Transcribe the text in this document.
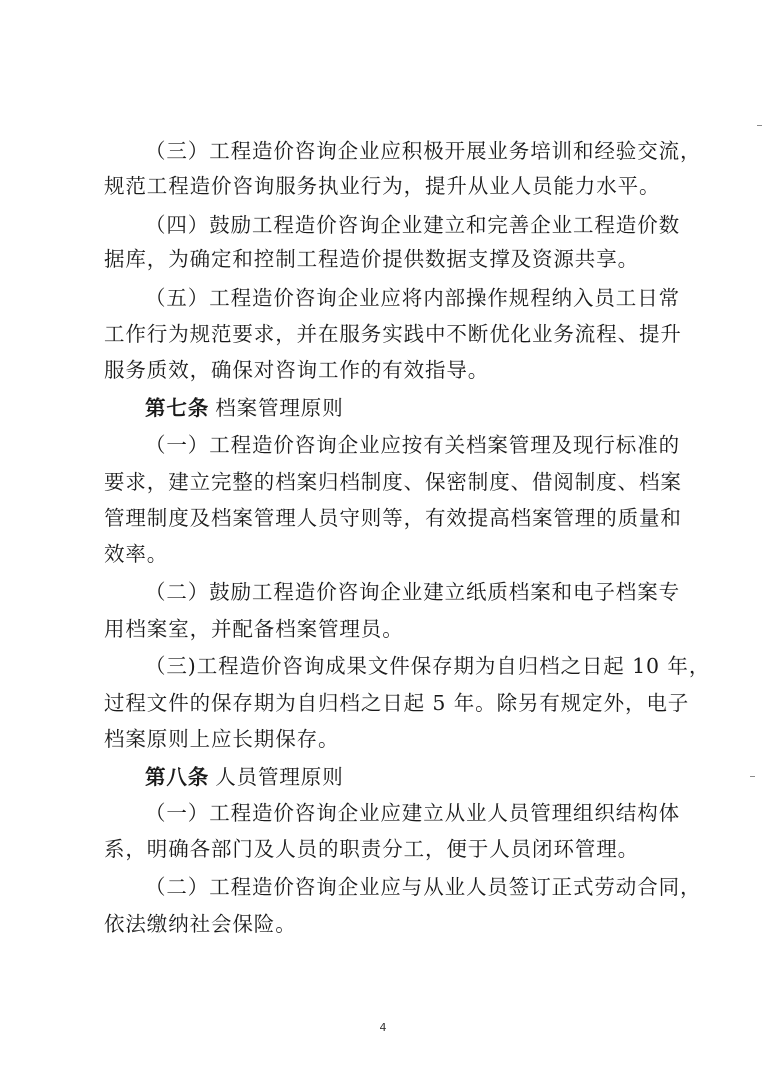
（三）工程造价咨询企业应积极开展业务培训和经验交流，

规范工程造价咨询服务执业行为，提升从业人员能力水平。

（四）鼓励工程造价咨询企业建立和完善企业工程造价数

据库，为确定和控制工程造价提供数据支撑及资源共享。

（五）工程造价咨询企业应将内部操作规程纳入员工日常

工作行为规范要求，并在服务实践中不断优化业务流程、提升

服务质效，确保对咨询工作的有效指导。

第七条 档案管理原则

（一）工程造价咨询企业应按有关档案管理及现行标准的

要求，建立完整的档案归档制度、保密制度、借阅制度、档案

管理制度及档案管理人员守则等，有效提高档案管理的质量和

效率。

（二）鼓励工程造价咨询企业建立纸质档案和电子档案专

用档案室，并配备档案管理员。

（三)工程造价咨询成果文件保存期为自归档之日起 10 年，

过程文件的保存期为自归档之日起 5 年。除另有规定外，电子

档案原则上应长期保存。

第八条 人员管理原则

（一）工程造价咨询企业应建立从业人员管理组织结构体

系，明确各部门及人员的职责分工，便于人员闭环管理。

（二）工程造价咨询企业应与从业人员签订正式劳动合同，

依法缴纳社会保险。

4
